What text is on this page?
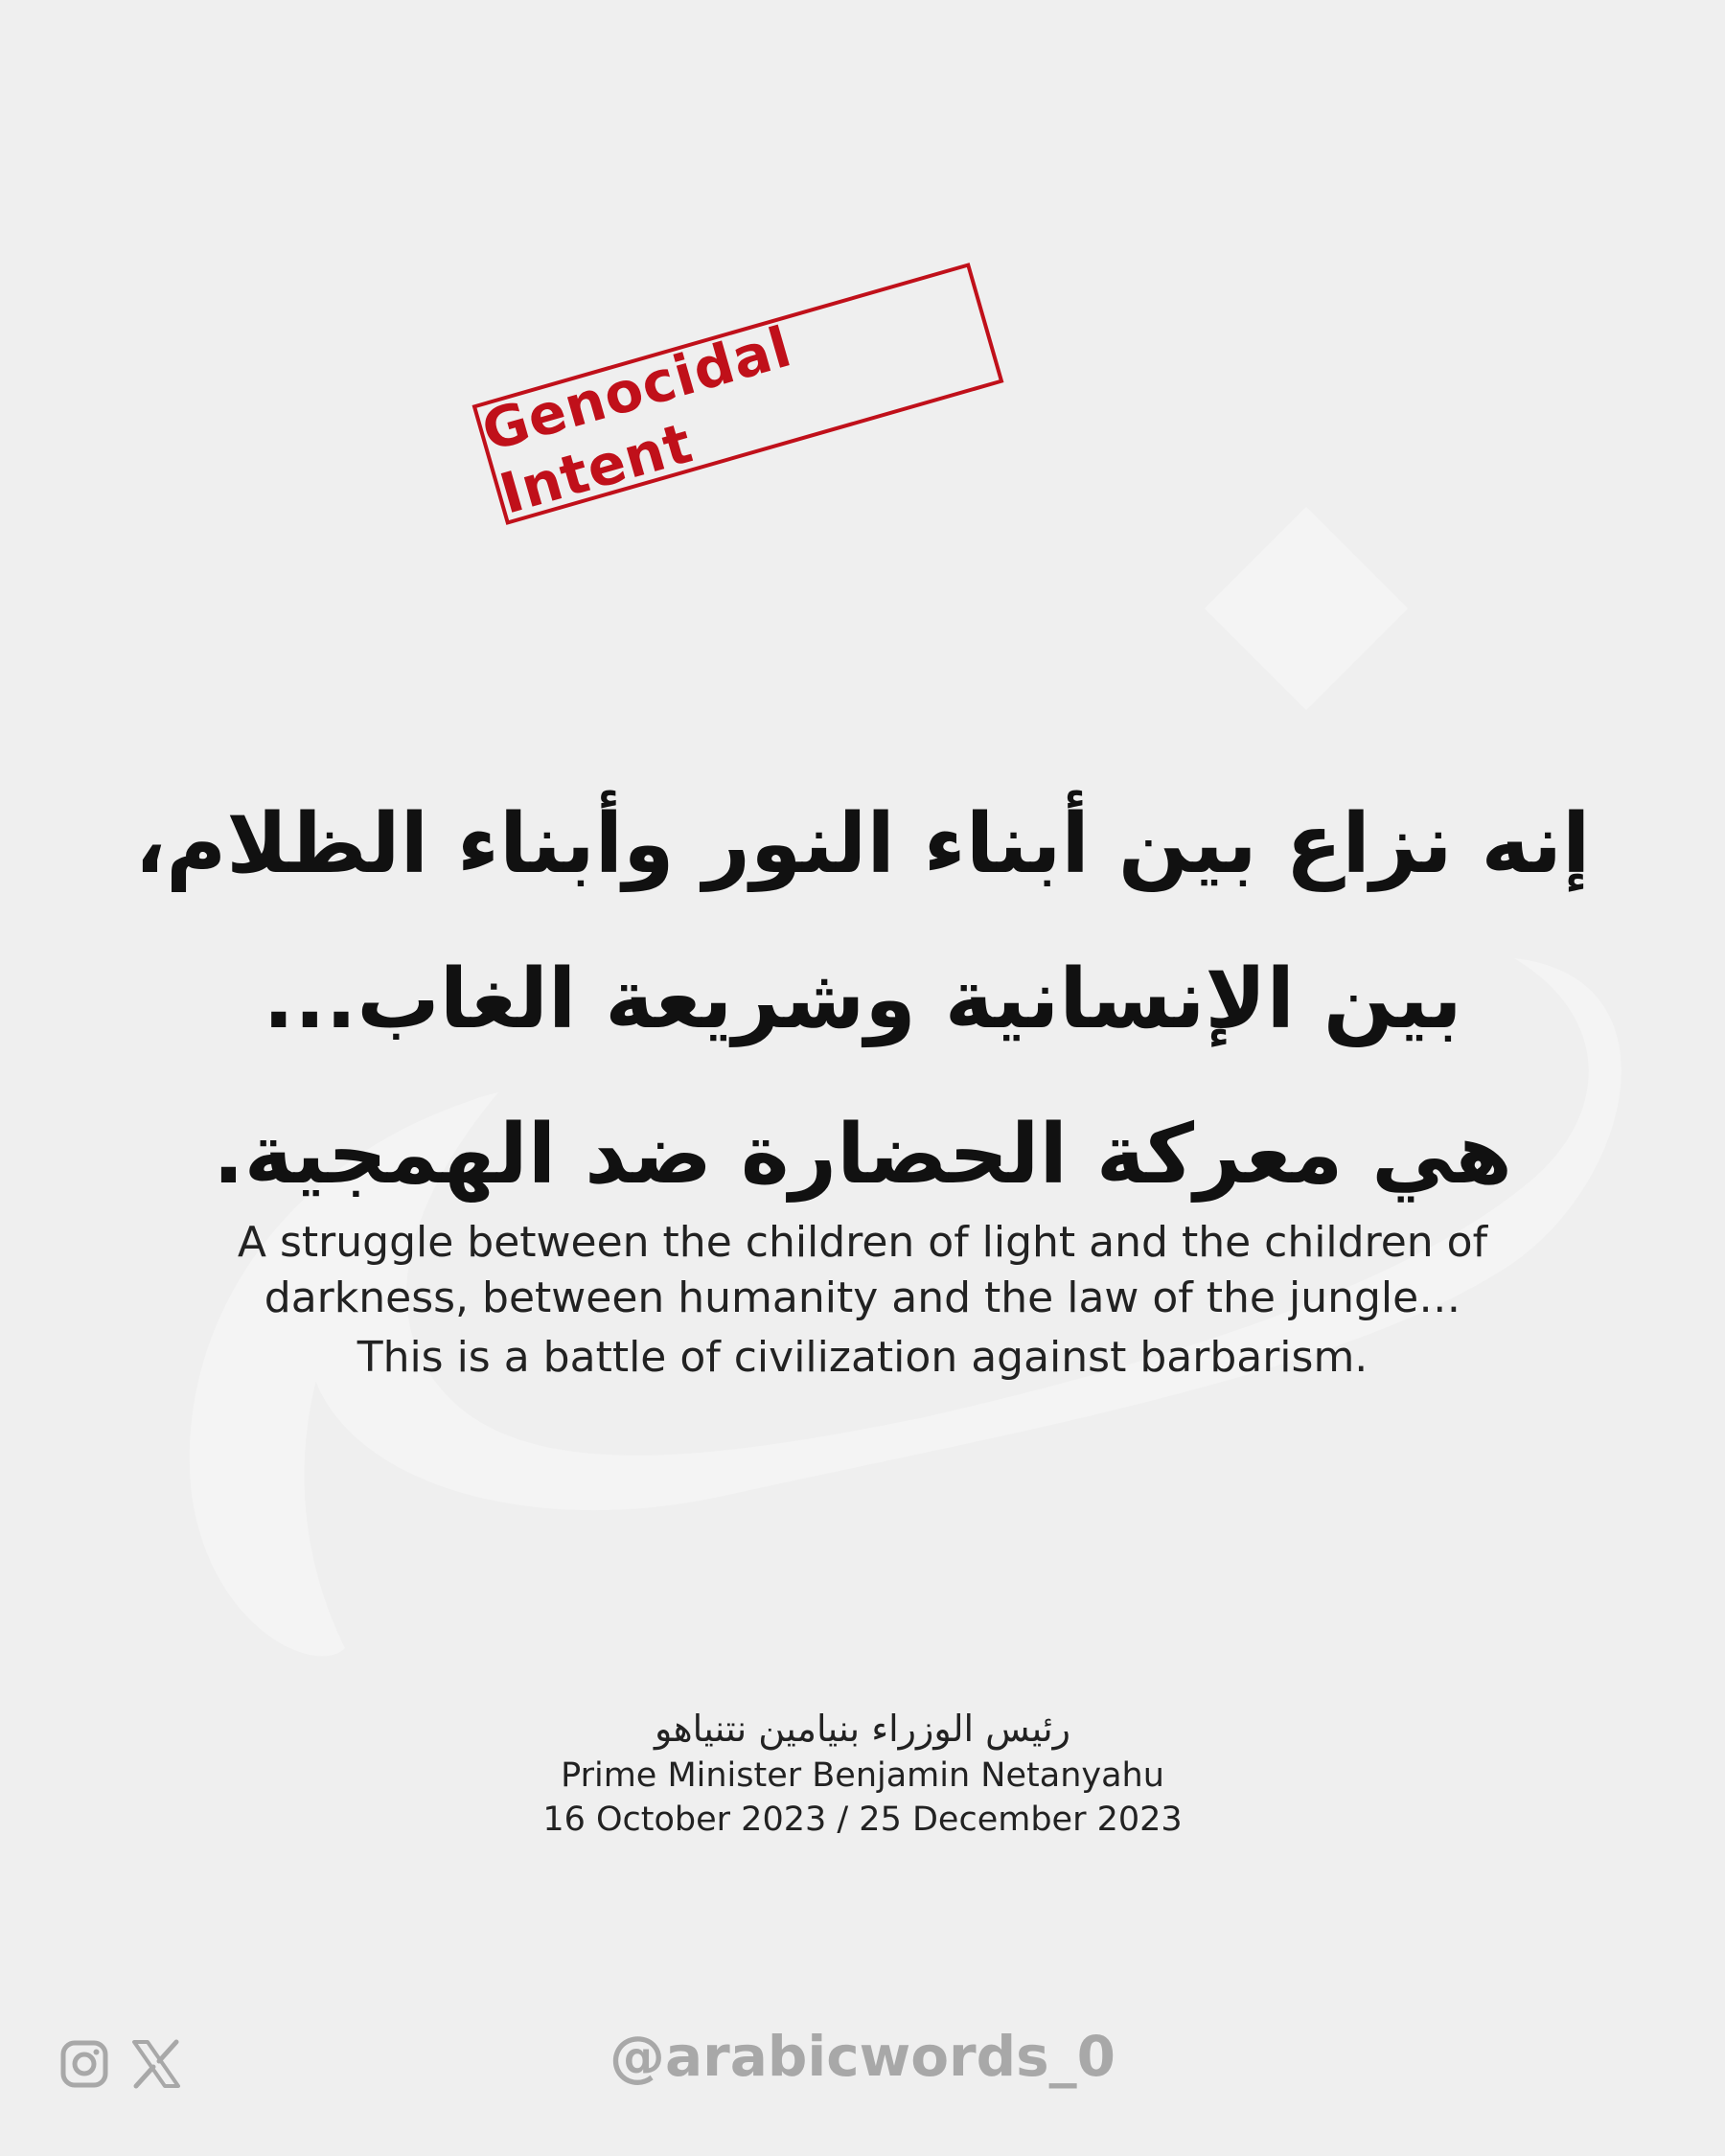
Genocidal Intent
إنه نزاع بين أبناء النور وأبناء الظلام،
بين الإنسانية وشريعة الغاب...
هي معركة الحضارة ضد الهمجية.
A struggle between the children of light and the children of
darkness, between humanity and the law of the jungle…
This is a battle of civilization against barbarism.
رئيس الوزراء بنيامين نتنياهو
Prime Minister Benjamin Netanyahu
16 October 2023 / 25 December 2023
@arabicwords_0
